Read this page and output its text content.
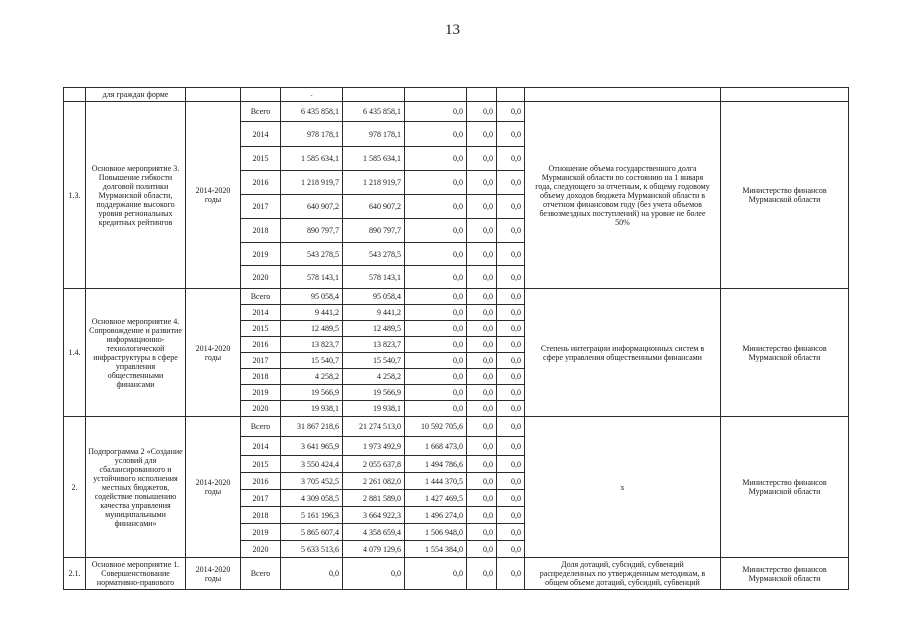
13
	для граждан форме			-						
1.3.	Основное мероприятие 3. Повышение гибкости долговой политики Мурманской области, поддержание высокого уровня региональных кредитных рейтингов	2014-2020 годы	Всего	6 435 858,1	6 435 858,1	0,0	0,0	0,0	Отношение объема государственного долга Мурманской области по состоянию на 1 января года, следующего за отчетным, к общему годовому объему доходов бюджета Мурманской области в отчетном финансовом году (без учета объемов безвозмездных поступлений) на уровне не более 50%	Министерство финансов Мурманской области
			2014	978 178,1	978 178,1	0,0	0,0	0,0		
			2015	1 585 634,1	1 585 634,1	0,0	0,0	0,0		
			2016	1 218 919,7	1 218 919,7	0,0	0,0	0,0		
			2017	640 907,2	640 907,2	0,0	0,0	0,0		
			2018	890 797,7	890 797,7	0,0	0,0	0,0		
			2019	543 278,5	543 278,5	0,0	0,0	0,0		
			2020	578 143,1	578 143,1	0,0	0,0	0,0		
1.4.	Основное мероприятие 4. Сопровождение и развитие информационно-технологической инфраструктуры в сфере управления общественными финансами	2014-2020 годы	Всего	95 058,4	95 058,4	0,0	0,0	0,0	Степень интеграции информационных систем в сфере управления общественными финансами	Министерство финансов Мурманской области
			2014	9 441,2	9 441,2	0,0	0,0	0,0		
			2015	12 489,5	12 489,5	0,0	0,0	0,0		
			2016	13 823,7	13 823,7	0,0	0,0	0,0		
			2017	15 540,7	15 540,7	0,0	0,0	0,0		
			2018	4 258,2	4 258,2	0,0	0,0	0,0		
			2019	19 566,9	19 566,9	0,0	0,0	0,0		
			2020	19 938,1	19 938,1	0,0	0,0	0,0		
2.	Подпрограмма 2 «Создание условий для сбалансированного и устойчивого исполнения местных бюджетов, содействие повышению качества управления муниципальными финансами»	2014-2020 годы	Всего	31 867 218,6	21 274 513,0	10 592 705,6	0,0	0,0	х	Министерство финансов Мурманской области
			2014	3 641 965,9	1 973 492,9	1 668 473,0	0,0	0,0		
			2015	3 550 424,4	2 055 637,8	1 494 786,6	0,0	0,0		
			2016	3 705 452,5	2 261 082,0	1 444 370,5	0,0	0,0		
			2017	4 309 058,5	2 881 589,0	1 427 469,5	0,0	0,0		
			2018	5 161 196,3	3 664 922,3	1 496 274,0	0,0	0,0		
			2019	5 865 607,4	4 358 659,4	1 506 948,0	0,0	0,0		
			2020	5 633 513,6	4 079 129,6	1 554 384,0	0,0	0,0		
2.1.	Основное мероприятие 1. Совершенствование нормативно-правового	2014-2020 годы	Всего	0,0	0,0	0,0	0,0	0,0	Доля дотаций, субсидий, субвенций распределенных по утвержденным методикам, в общем объеме дотаций, субсидий, субвенций	Министерство финансов Мурманской области
